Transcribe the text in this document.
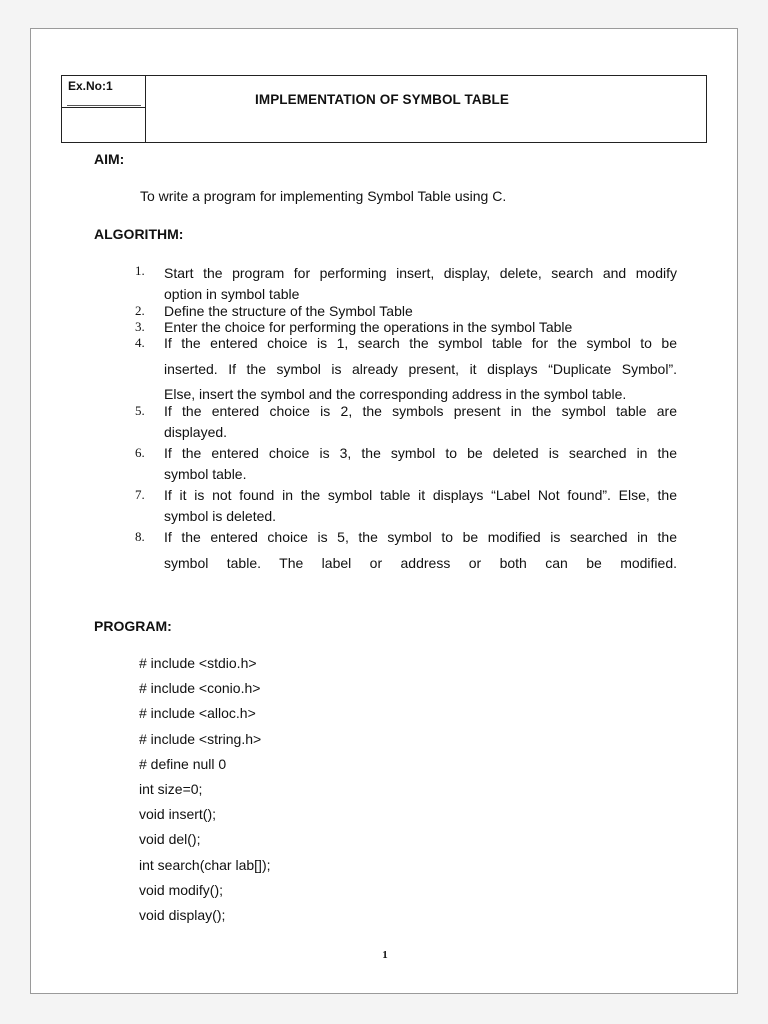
Ex.No:1
IMPLEMENTATION OF SYMBOL TABLE
AIM:
To write a program for implementing Symbol Table using C.
ALGORITHM:
1. Start the program for performing insert, display, delete, search and modify
option in symbol table
2. Define the structure of the Symbol Table
3. Enter the choice for performing the operations in the symbol Table
4. If the entered choice is 1, search the symbol table for the symbol to be
inserted. If the symbol is already present, it displays “Duplicate Symbol”.
Else, insert the symbol and the corresponding address in the symbol table.
5. If the entered choice is 2, the symbols present in the symbol table are
displayed.
6. If the entered choice is 3, the symbol to be deleted is searched in the
symbol table.
7. If it is not found in the symbol table it displays “Label Not found”. Else, the
symbol is deleted.
8. If the entered choice is 5, the symbol to be modified is searched in the
symbol table. The label or address or both can be modified.
PROGRAM:
# include <stdio.h>
# include <conio.h>
# include <alloc.h>
# include <string.h>
# define null 0
int size=0;
void insert();
void del();
int search(char lab[]);
void modify();
void display();
1
